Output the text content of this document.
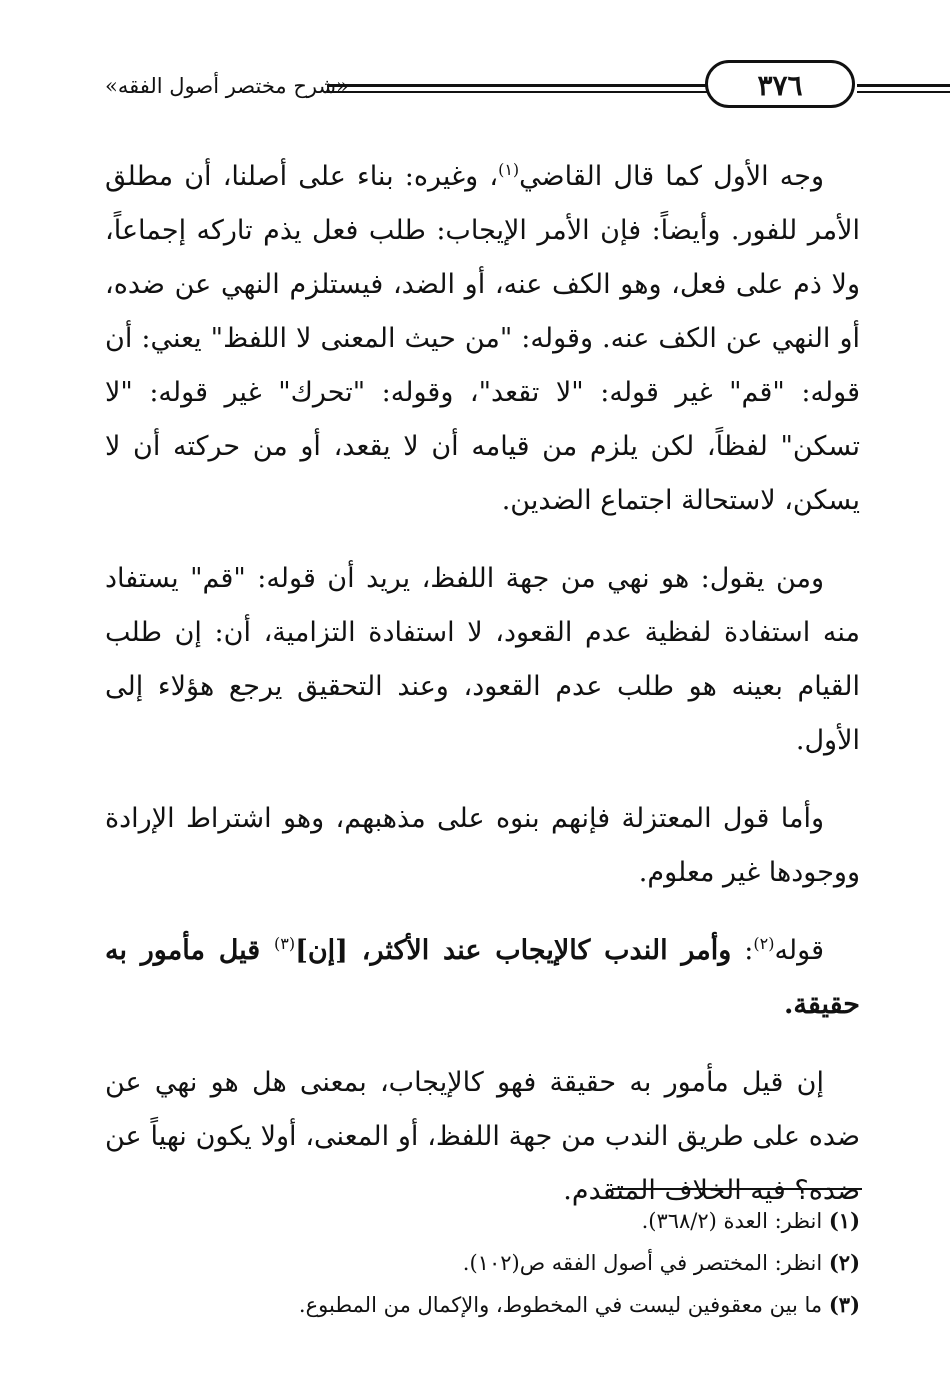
«شرح مختصر أصول الفقه»	٣٧٦

وجه الأول كما قال القاضي$^{(١)}$، وغيره: بناء على أصلنا، أن مطلق الأمر للفور. وأيضاً: فإن الأمر الإيجاب: طلب فعل يذم تاركه إجماعاً، ولا ذم على فعل، وهو الكف عنه، أو الضد، فيستلزم النهي عن ضده، أو النهي عن الكف عنه. وقوله: "من حيث المعنى لا اللفظ" يعني: أن قوله: "قم" غير قوله: "لا تقعد"، وقوله: "تحرك" غير قوله: "لا تسكن" لفظاً، لكن يلزم من قيامه أن لا يقعد، أو من حركته أن لا يسكن، لاستحالة اجتماع الضدين.

ومن يقول: هو نهي من جهة اللفظ، يريد أن قوله: "قم" يستفاد منه استفادة لفظية عدم القعود، لا استفادة التزامية، أن: إن طلب القيام بعينه هو طلب عدم القعود، وعند التحقيق يرجع هؤلاء إلى الأول.

وأما قول المعتزلة فإنهم بنوه على مذهبهم، وهو اشتراط الإرادة ووجودها غير معلوم.

قوله$^{(٢)}$: وأمر الندب كالإيجاب عند الأكثر، [إن]$^{(٣)}$ قيل مأمور به حقيقة.

إن قيل مأمور به حقيقة فهو كالإيجاب، بمعنى هل هو نهي عن ضده على طريق الندب من جهة اللفظ، أو المعنى، أولا يكون نهياً عن ضده؟ فيه الخلاف المتقدم.

(١) انظر: العدة (٣٦٨/٢).
(٢) انظر: المختصر في أصول الفقه ص(١٠٢).
(٣) ما بين معقوفين ليست في المخطوط، والإكمال من المطبوع.
